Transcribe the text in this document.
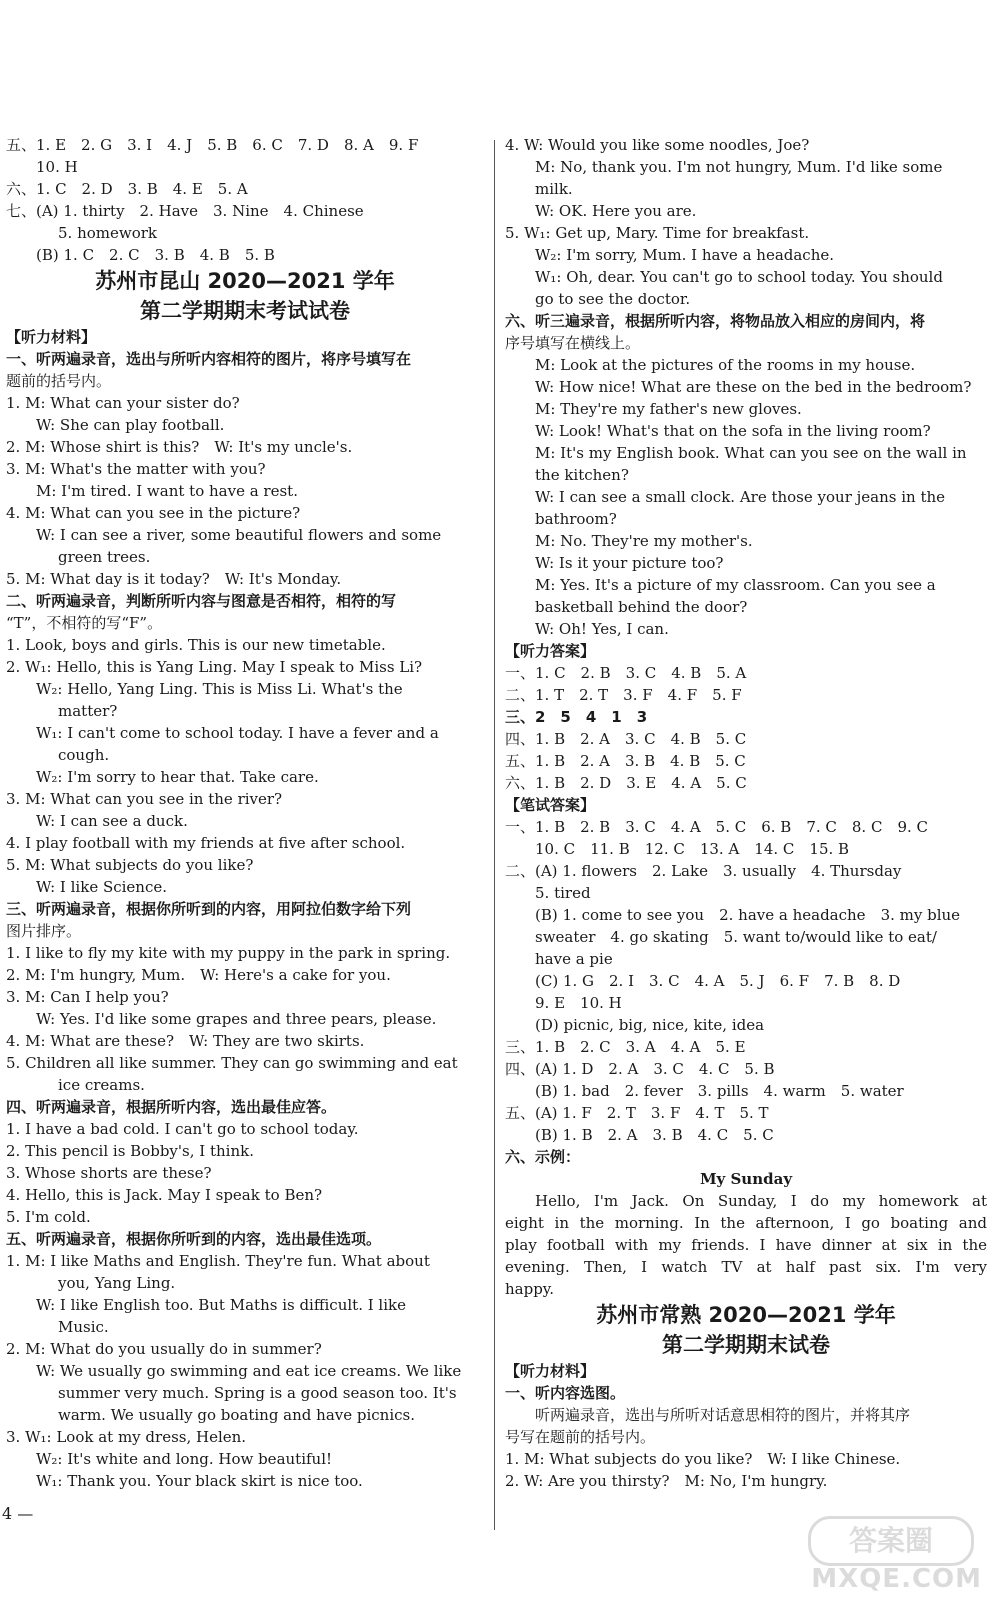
五、1. E　2. G　3. I　4. J　5. B　6. C　7. D　8. A　9. F
10. H
六、1. C　2. D　3. B　4. E　5. A
七、(A) 1. thirty　2. Have　3. Nine　4. Chinese
5. homework
(B) 1. C　2. C　3. B　4. B　5. B
苏州市昆山 2020—2021 学年
第二学期期末考试试卷
【听力材料】
一、听两遍录音，选出与所听内容相符的图片，将序号填写在
题前的括号内。
1. M: What can your sister do?
W: She can play football.
2. M: Whose shirt is this?　W: It's my uncle's.
3. M: What's the matter with you?
M: I'm tired. I want to have a rest.
4. M: What can you see in the picture?
W: I can see a river, some beautiful flowers and some
green trees.
5. M: What day is it today?　W: It's Monday.
二、听两遍录音，判断所听内容与图意是否相符，相符的写
“T”，不相符的写“F”。
1. Look, boys and girls. This is our new timetable.
2. W₁: Hello, this is Yang Ling. May I speak to Miss Li?
W₂: Hello, Yang Ling. This is Miss Li. What's the
matter?
W₁: I can't come to school today. I have a fever and a
cough.
W₂: I'm sorry to hear that. Take care.
3. M: What can you see in the river?
W: I can see a duck.
4. I play football with my friends at five after school.
5. M: What subjects do you like?
W: I like Science.
三、听两遍录音，根据你所听到的内容，用阿拉伯数字给下列
图片排序。
1. I like to fly my kite with my puppy in the park in spring.
2. M: I'm hungry, Mum.　W: Here's a cake for you.
3. M: Can I help you?
W: Yes. I'd like some grapes and three pears, please.
4. M: What are these?　W: They are two skirts.
5. Children all like summer. They can go swimming and eat
ice creams.
四、听两遍录音，根据所听内容，选出最佳应答。
1. I have a bad cold. I can't go to school today.
2. This pencil is Bobby's, I think.
3. Whose shorts are these?
4. Hello, this is Jack. May I speak to Ben?
5. I'm cold.
五、听两遍录音，根据你所听到的内容，选出最佳选项。
1. M: I like Maths and English. They're fun. What about
you, Yang Ling.
W: I like English too. But Maths is difficult. I like
Music.
2. M: What do you usually do in summer?
W: We usually go swimming and eat ice creams. We like
summer very much. Spring is a good season too. It's
warm. We usually go boating and have picnics.
3. W₁: Look at my dress, Helen.
W₂: It's white and long. How beautiful!
W₁: Thank you. Your black skirt is nice too.
4. W: Would you like some noodles, Joe?
M: No, thank you. I'm not hungry, Mum. I'd like some
milk.
W: OK. Here you are.
5. W₁: Get up, Mary. Time for breakfast.
W₂: I'm sorry, Mum. I have a headache.
W₁: Oh, dear. You can't go to school today. You should
go to see the doctor.
六、听三遍录音，根据所听内容，将物品放入相应的房间内，将
序号填写在横线上。
M: Look at the pictures of the rooms in my house.
W: How nice! What are these on the bed in the bedroom?
M: They're my father's new gloves.
W: Look! What's that on the sofa in the living room?
M: It's my English book. What can you see on the wall in
the kitchen?
W: I can see a small clock. Are those your jeans in the
bathroom?
M: No. They're my mother's.
W: Is it your picture too?
M: Yes. It's a picture of my classroom. Can you see a
basketball behind the door?
W: Oh! Yes, I can.
【听力答案】
一、1. C　2. B　3. C　4. B　5. A
二、1. T　2. T　3. F　4. F　5. F
三、2　5　4　1　3
四、1. B　2. A　3. C　4. B　5. C
五、1. B　2. A　3. B　4. B　5. C
六、1. B　2. D　3. E　4. A　5. C
【笔试答案】
一、1. B　2. B　3. C　4. A　5. C　6. B　7. C　8. C　9. C
10. C　11. B　12. C　13. A　14. C　15. B
二、(A) 1. flowers　2. Lake　3. usually　4. Thursday
5. tired
(B) 1. come to see you　2. have a headache　3. my blue
sweater　4. go skating　5. want to/would like to eat/
have a pie
(C) 1. G　2. I　3. C　4. A　5. J　6. F　7. B　8. D
9. E　10. H
(D) picnic, big, nice, kite, idea
三、1. B　2. C　3. A　4. A　5. E
四、(A) 1. D　2. A　3. C　4. C　5. B
(B) 1. bad　2. fever　3. pills　4. warm　5. water
五、(A) 1. F　2. T　3. F　4. T　5. T
(B) 1. B　2. A　3. B　4. C　5. C
六、示例：
My Sunday
Hello, I'm Jack. On Sunday, I do my homework at
eight in the morning. In the afternoon, I go boating and
play football with my friends. I have dinner at six in the
evening. Then, I watch TV at half past six. I'm very
happy.
苏州市常熟 2020—2021 学年
第二学期期末试卷
【听力材料】
一、听内容选图。
听两遍录音，选出与所听对话意思相符的图片，并将其序
号写在题前的括号内。
1. M: What subjects do you like?　W: I like Chinese.
2. W: Are you thirsty?　M: No, I'm hungry.
4 —
答案圈
MXQE.COM
